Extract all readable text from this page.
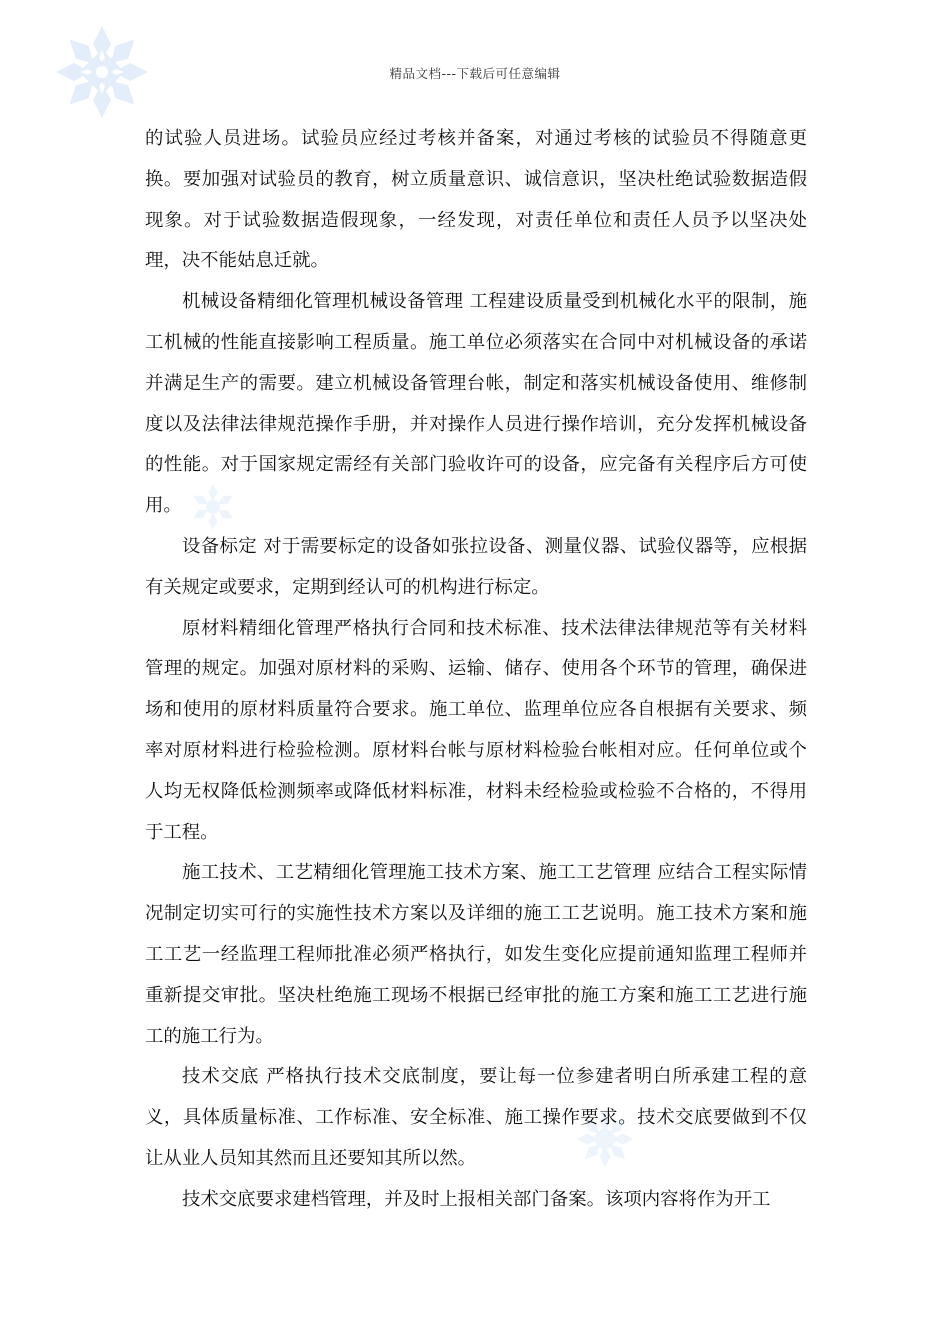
精品文档---下载后可任意编辑

的试验人员进场。试验员应经过考核并备案，对通过考核的试验员不得随意更换。要加强对试验员的教育，树立质量意识、诚信意识，坚决杜绝试验数据造假现象。对于试验数据造假现象，一经发现，对责任单位和责任人员予以坚决处理，决不能姑息迁就。

机械设备精细化管理机械设备管理 工程建设质量受到机械化水平的限制，施工机械的性能直接影响工程质量。施工单位必须落实在合同中对机械设备的承诺并满足生产的需要。建立机械设备管理台帐，制定和落实机械设备使用、维修制度以及法律法律规范操作手册，并对操作人员进行操作培训，充分发挥机械设备的性能。对于国家规定需经有关部门验收许可的设备，应完备有关程序后方可使用。

设备标定 对于需要标定的设备如张拉设备、测量仪器、试验仪器等，应根据有关规定或要求，定期到经认可的机构进行标定。

原材料精细化管理严格执行合同和技术标准、技术法律法律规范等有关材料管理的规定。加强对原材料的采购、运输、储存、使用各个环节的管理，确保进场和使用的原材料质量符合要求。施工单位、监理单位应各自根据有关要求、频率对原材料进行检验检测。原材料台帐与原材料检验台帐相对应。任何单位或个人均无权降低检测频率或降低材料标准，材料未经检验或检验不合格的，不得用于工程。

施工技术、工艺精细化管理施工技术方案、施工工艺管理 应结合工程实际情况制定切实可行的实施性技术方案以及详细的施工工艺说明。施工技术方案和施工工艺一经监理工程师批准必须严格执行，如发生变化应提前通知监理工程师并重新提交审批。坚决杜绝施工现场不根据已经审批的施工方案和施工工艺进行施工的施工行为。

技术交底 严格执行技术交底制度，要让每一位参建者明白所承建工程的意义，具体质量标准、工作标准、安全标准、施工操作要求。技术交底要做到不仅让从业人员知其然而且还要知其所以然。

技术交底要求建档管理，并及时上报相关部门备案。该项内容将作为开工
